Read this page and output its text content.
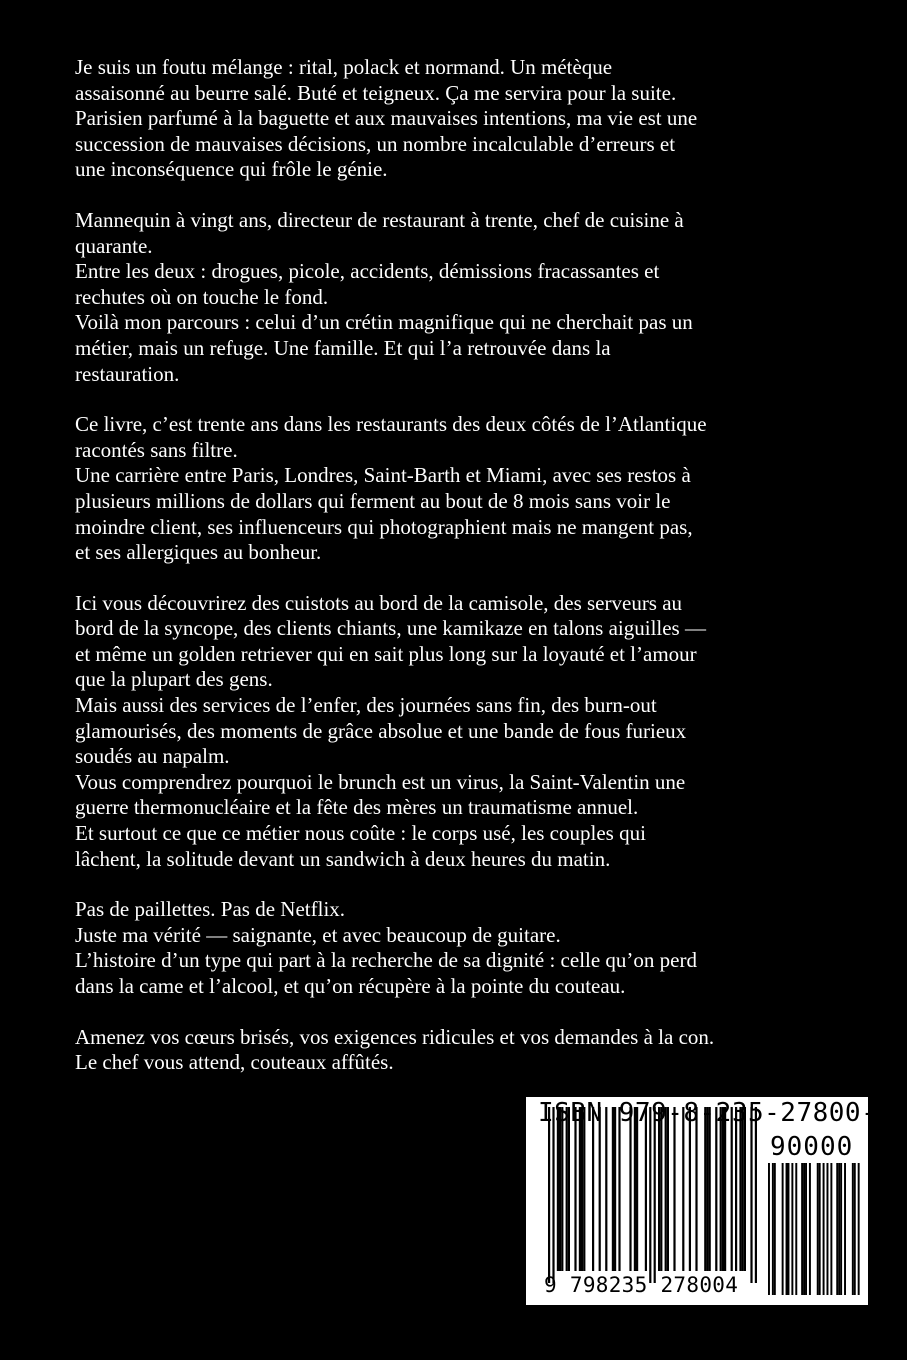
Je suis un foutu mélange : rital, polack et normand. Un métèque
assaisonné au beurre salé. Buté et teigneux. Ça me servira pour la suite.
Parisien parfumé à la baguette et aux mauvaises intentions, ma vie est une
succession de mauvaises décisions, un nombre incalculable d’erreurs et
une inconséquence qui frôle le génie.
Mannequin à vingt ans, directeur de restaurant à trente, chef de cuisine à
quarante.
Entre les deux : drogues, picole, accidents, démissions fracassantes et
rechutes où on touche le fond.
Voilà mon parcours : celui d’un crétin magnifique qui ne cherchait pas un
métier, mais un refuge. Une famille. Et qui l’a retrouvée dans la
restauration.
Ce livre, c’est trente ans dans les restaurants des deux côtés de l’Atlantique
racontés sans filtre.
Une carrière entre Paris, Londres, Saint-Barth et Miami, avec ses restos à
plusieurs millions de dollars qui ferment au bout de 8 mois sans voir le
moindre client, ses influenceurs qui photographient mais ne mangent pas,
et ses allergiques au bonheur.
Ici vous découvrirez des cuistots au bord de la camisole, des serveurs au
bord de la syncope, des clients chiants, une kamikaze en talons aiguilles —
et même un golden retriever qui en sait plus long sur la loyauté et l’amour
que la plupart des gens.
Mais aussi des services de l’enfer, des journées sans fin, des burn-out
glamourisés, des moments de grâce absolue et une bande de fous furieux
soudés au napalm.
Vous comprendrez pourquoi le brunch est un virus, la Saint-Valentin une
guerre thermonucléaire et la fête des mères un traumatisme annuel.
Et surtout ce que ce métier nous coûte : le corps usé, les couples qui
lâchent, la solitude devant un sandwich à deux heures du matin.
Pas de paillettes. Pas de Netflix.
Juste ma vérité — saignante, et avec beaucoup de guitare.
L’histoire d’un type qui part à la recherche de sa dignité : celle qu’on perd
dans la came et l’alcool, et qu’on récupère à la pointe du couteau.
Amenez vos cœurs brisés, vos exigences ridicules et vos demandes à la con.
Le chef vous attend, couteaux affûtés.
ISBN 979-8-235-27800-4
90000
9 798235 278004
